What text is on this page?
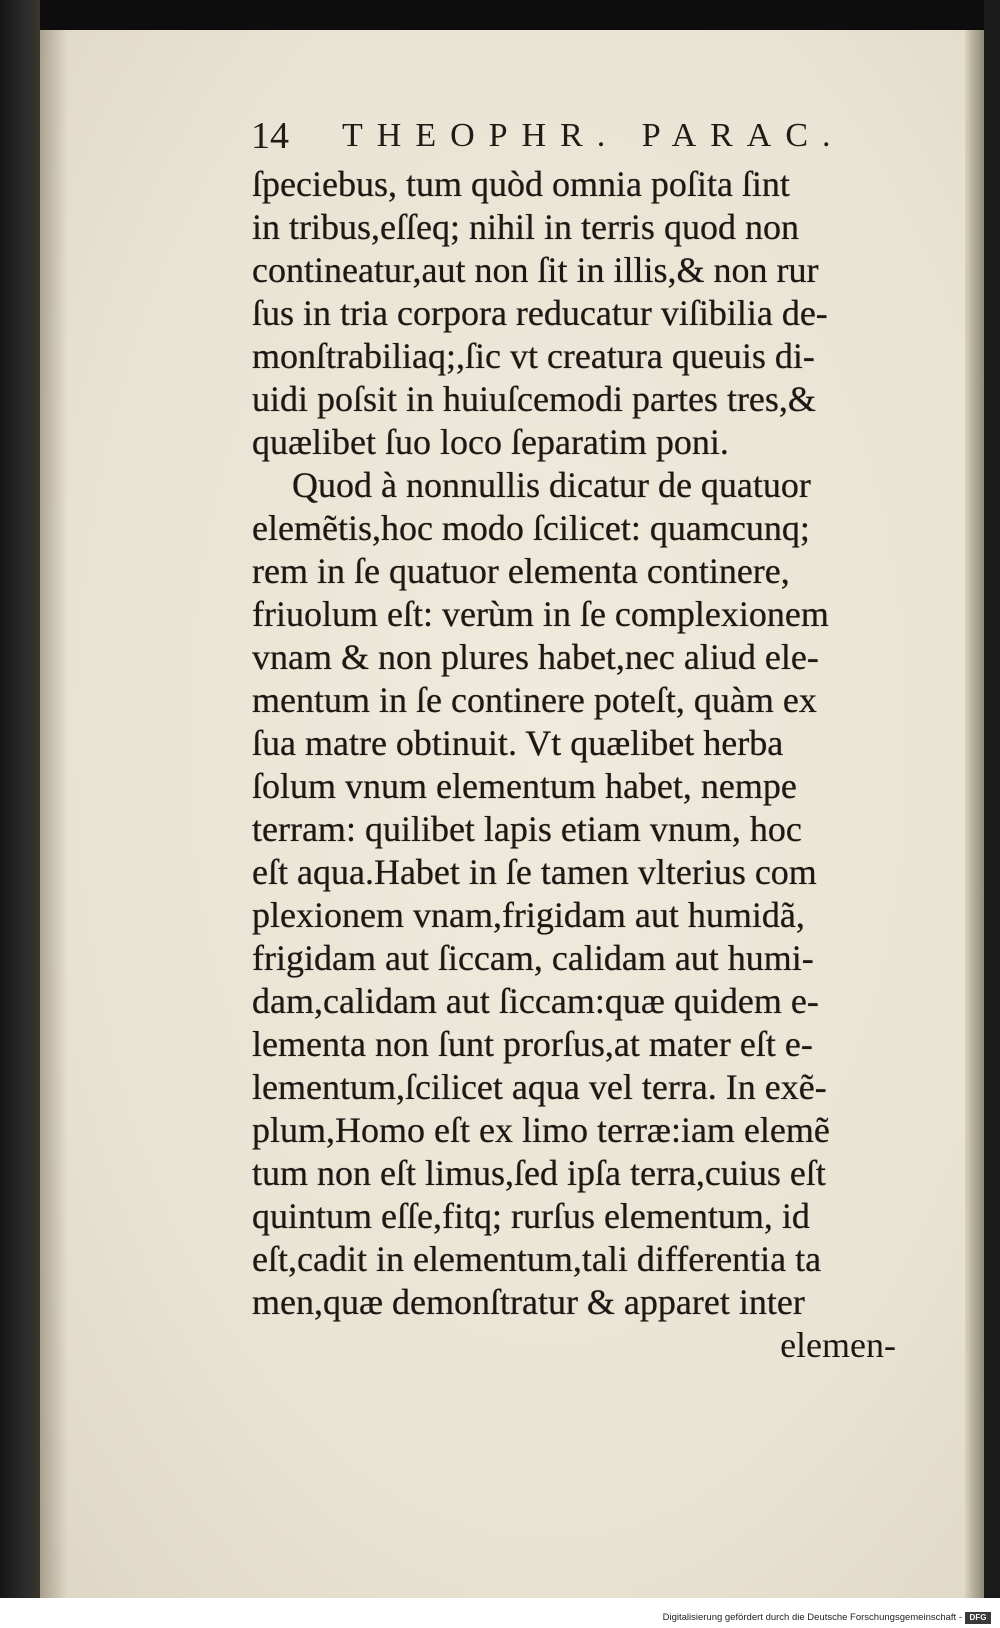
14 THEOPHR. PARAC.
ſpeciebus, tum quòd omnia poſita ſint
in tribus,eſſeq; nihil in terris quod non
contineatur,aut non ſit in illis,& non rur
ſus in tria corpora reducatur viſibilia de-
monſtrabiliaq;,ſic vt creatura queuis di-
uidi poſsit in huiuſcemodi partes tres,&
quælibet ſuo loco ſeparatim poni.
Quod à nonnullis dicatur de quatuor
elemẽtis,hoc modo ſcilicet: quamcunq;
rem in ſe quatuor elementa continere,
friuolum eſt: verùm in ſe complexionem
vnam & non plures habet,nec aliud ele-
mentum in ſe continere poteſt, quàm ex
ſua matre obtinuit. Vt quælibet herba
ſolum vnum elementum habet, nempe
terram: quilibet lapis etiam vnum, hoc
eſt aqua.Habet in ſe tamen vlterius com
plexionem vnam,frigidam aut humidã,
frigidam aut ſiccam, calidam aut humi-
dam,calidam aut ſiccam:quæ quidem e-
lementa non ſunt prorſus,at mater eſt e-
lementum,ſcilicet aqua vel terra. In exẽ-
plum,Homo eſt ex limo terræ:iam elemẽ
tum non eſt limus,ſed ipſa terra,cuius eſt
quintum eſſe,fitq; rurſus elementum, id
eſt,cadit in elementum,tali differentia ta
men,quæ demonſtratur & apparet inter
elemen-
Digitalisierung gefördert durch die Deutsche Forschungsgemeinschaft - DFG
